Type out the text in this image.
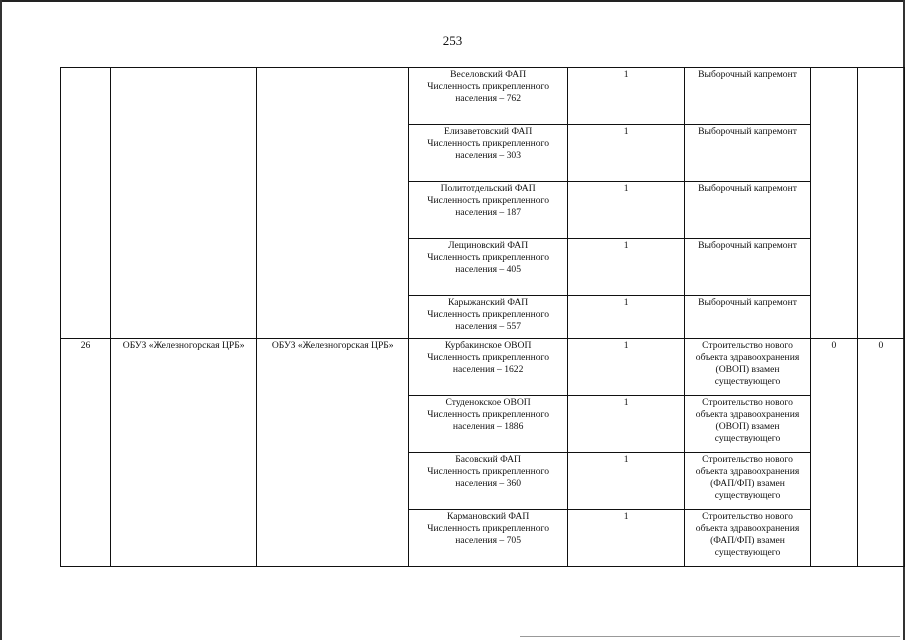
253

			Веселовский ФАП
Численность прикрепленного
населения – 762	1	Выборочный капремонт		

			Елизаветовский ФАП
Численность прикрепленного
населения – 303	1	Выборочный капремонт		

			Политотдельский ФАП
Численность прикрепленного
населения – 187	1	Выборочный капремонт		

			Лещиновский ФАП
Численность прикрепленного
населения – 405	1	Выборочный капремонт		

			Карыжанский ФАП
Численность прикрепленного
населения – 557	1	Выборочный капремонт		
26	ОБУЗ «Железногорская ЦРБ»	ОБУЗ «Железногорская ЦРБ»	Курбакинское ОВОП
Численность прикрепленного
населения – 1622	1	Строительство нового объекта здравоохранения (ОВОП) взамен существующего	0	0

			Студенокское ОВОП
Численность прикрепленного
населения – 1886	1	Строительство нового объекта здравоохранения (ОВОП) взамен существующего		

			Басовский ФАП
Численность прикрепленного
населения – 360	1	Строительство нового объекта здравоохранения (ФАП/ФП) взамен существующего		

			Кармановский ФАП
Численность прикрепленного
населения – 705	1	Строительство нового объекта здравоохранения (ФАП/ФП) взамен существующего		
